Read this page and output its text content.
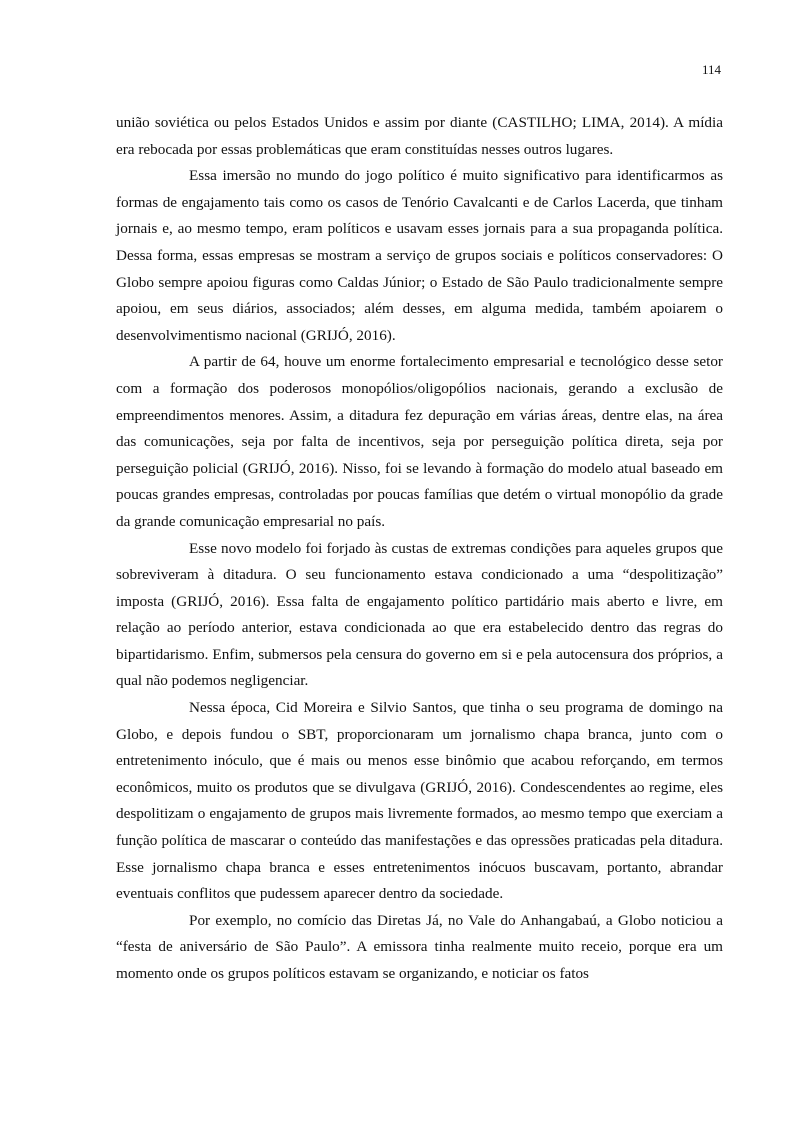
114

união soviética ou pelos Estados Unidos e assim por diante (CASTILHO; LIMA, 2014). A mídia era rebocada por essas problemáticas que eram constituídas nesses outros lugares.

Essa imersão no mundo do jogo político é muito significativo para identificarmos as formas de engajamento tais como os casos de Tenório Cavalcanti e de Carlos Lacerda, que tinham jornais e, ao mesmo tempo, eram políticos e usavam esses jornais para a sua propaganda política. Dessa forma, essas empresas se mostram a serviço de grupos sociais e políticos conservadores: O Globo sempre apoiou figuras como Caldas Júnior; o Estado de São Paulo tradicionalmente sempre apoiou, em seus diários, associados; além desses, em alguma medida, também apoiarem o desenvolvimentismo nacional (GRIJÓ, 2016).

A partir de 64, houve um enorme fortalecimento empresarial e tecnológico desse setor com a formação dos poderosos monopólios/oligopólios nacionais, gerando a exclusão de empreendimentos menores. Assim, a ditadura fez depuração em várias áreas, dentre elas, na área das comunicações, seja por falta de incentivos, seja por perseguição política direta, seja por perseguição policial (GRIJÓ, 2016). Nisso, foi se levando à formação do modelo atual baseado em poucas grandes empresas, controladas por poucas famílias que detém o virtual monopólio da grade da grande comunicação empresarial no país.

Esse novo modelo foi forjado às custas de extremas condições para aqueles grupos que sobreviveram à ditadura. O seu funcionamento estava condicionado a uma “despolitização” imposta (GRIJÓ, 2016). Essa falta de engajamento político partidário mais aberto e livre, em relação ao período anterior, estava condicionada ao que era estabelecido dentro das regras do bipartidarismo. Enfim, submersos pela censura do governo em si e pela autocensura dos próprios, a qual não podemos negligenciar.

Nessa época, Cid Moreira e Silvio Santos, que tinha o seu programa de domingo na Globo, e depois fundou o SBT, proporcionaram um jornalismo chapa branca, junto com o entretenimento inóculo, que é mais ou menos esse binômio que acabou reforçando, em termos econômicos, muito os produtos que se divulgava (GRIJÓ, 2016). Condescendentes ao regime, eles despolitizam o engajamento de grupos mais livremente formados, ao mesmo tempo que exerciam a função política de mascarar o conteúdo das manifestações e das opressões praticadas pela ditadura. Esse jornalismo chapa branca e esses entretenimentos inócuos buscavam, portanto, abrandar eventuais conflitos que pudessem aparecer dentro da sociedade.

Por exemplo, no comício das Diretas Já, no Vale do Anhangabaú, a Globo noticiou a “festa de aniversário de São Paulo”. A emissora tinha realmente muito receio, porque era um momento onde os grupos políticos estavam se organizando, e noticiar os fatos
